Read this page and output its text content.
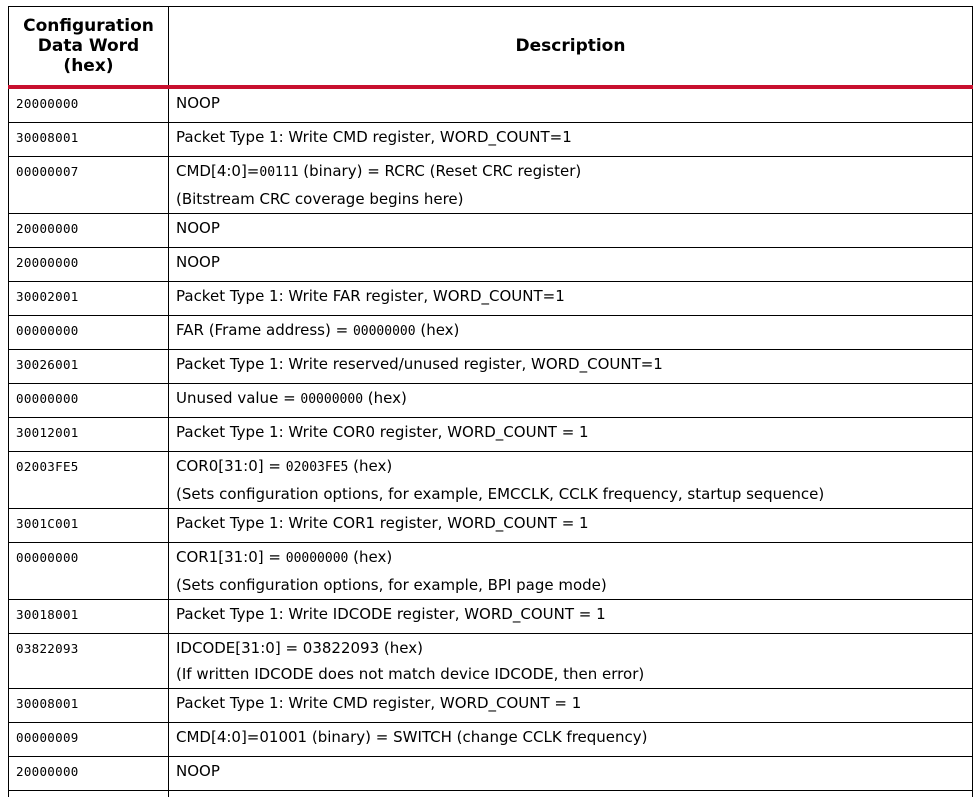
Configuration Data Word (hex)	Description
20000000	NOOP

30008001	Packet Type 1: Write CMD register, WORD_COUNT=1

00000007	CMD[4:0]=00111 (binary) = RCRC (Reset CRC register)
(Bitstream CRC coverage begins here)

20000000	NOOP

20000000	NOOP

30002001	Packet Type 1: Write FAR register, WORD_COUNT=1

00000000	FAR (Frame address) = 00000000 (hex)

30026001	Packet Type 1: Write reserved/unused register, WORD_COUNT=1

00000000	Unused value = 00000000 (hex)

30012001	Packet Type 1: Write COR0 register, WORD_COUNT = 1

02003FE5	COR0[31:0] = 02003FE5 (hex)
(Sets configuration options, for example, EMCCLK, CCLK frequency, startup sequence)

3001C001	Packet Type 1: Write COR1 register, WORD_COUNT = 1

00000000	COR1[31:0] = 00000000 (hex)
(Sets configuration options, for example, BPI page mode)

30018001	Packet Type 1: Write IDCODE register, WORD_COUNT = 1

03822093	IDCODE[31:0] = 03822093 (hex)
(If written IDCODE does not match device IDCODE, then error)

30008001	Packet Type 1: Write CMD register, WORD_COUNT = 1

00000009	CMD[4:0]=01001 (binary) = SWITCH (change CCLK frequency)

20000000	NOOP
